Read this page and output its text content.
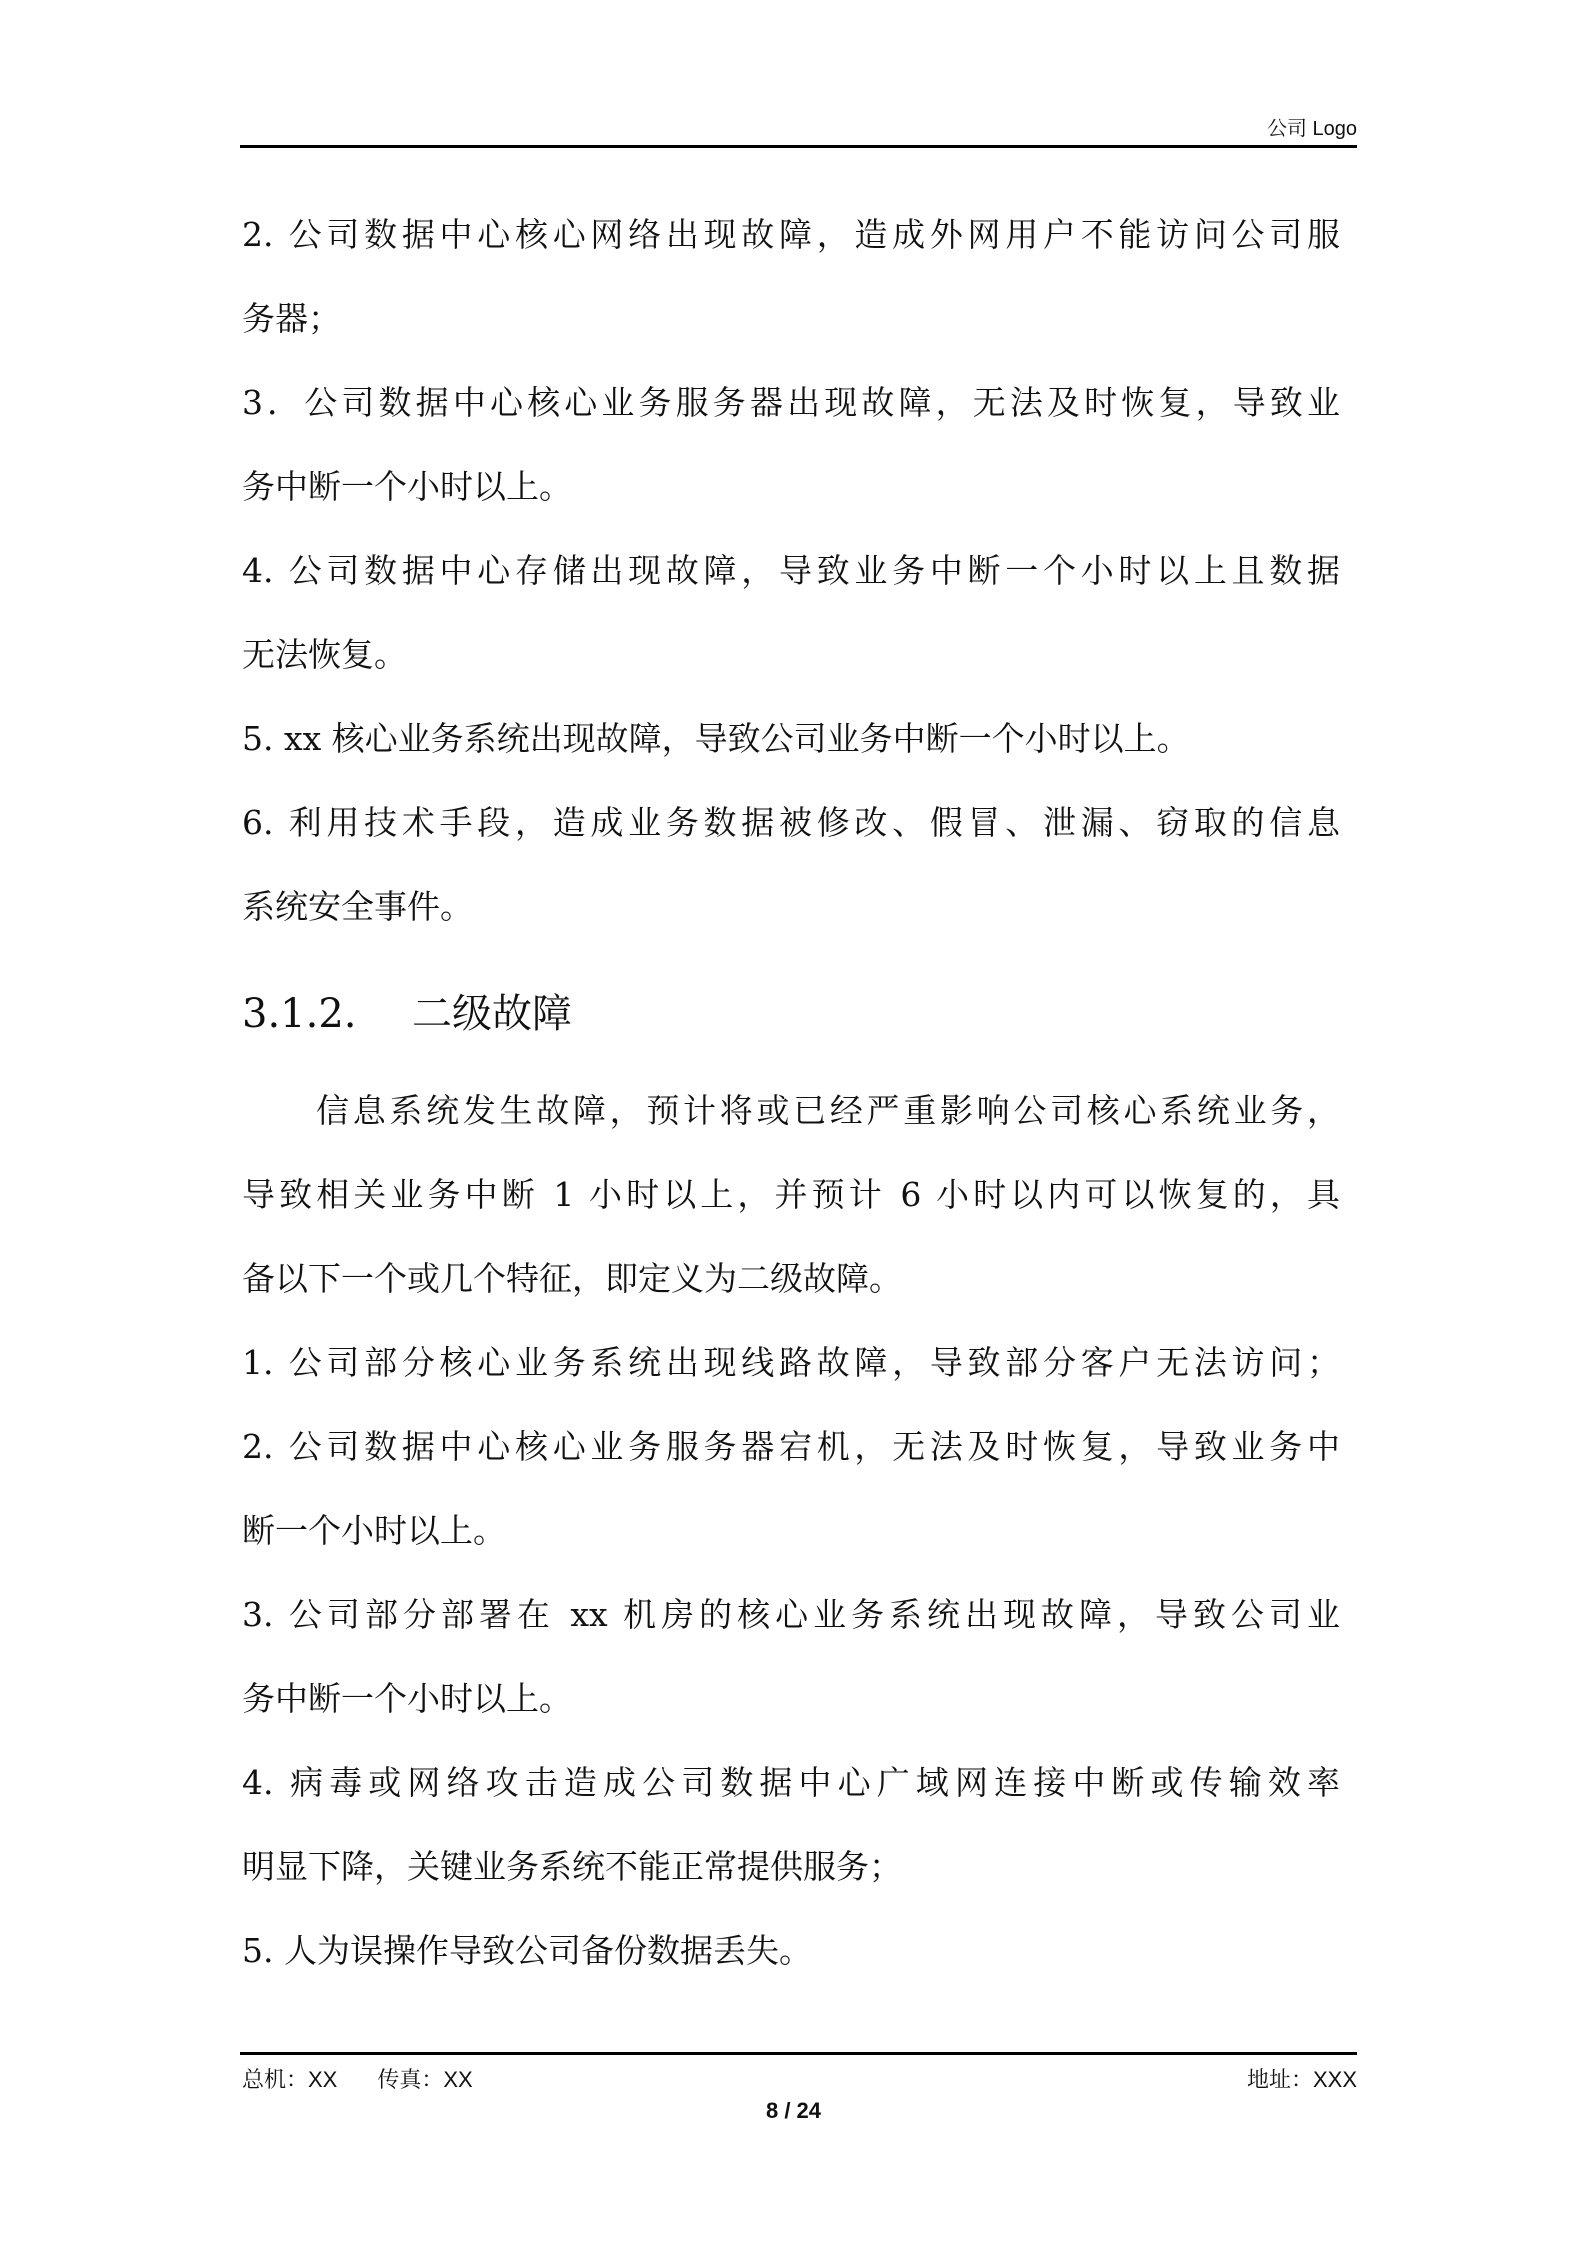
公司 Logo
2. 公司数据中心核心网络出现故障，造成外网用户不能访问公司服
务器；
3．公司数据中心核心业务服务器出现故障，无法及时恢复，导致业
务中断一个小时以上。
4. 公司数据中心存储出现故障，导致业务中断一个小时以上且数据
无法恢复。
5. xx 核心业务系统出现故障，导致公司业务中断一个小时以上。
6. 利用技术手段，造成业务数据被修改、假冒、泄漏、窃取的信息
系统安全事件。
3.1.2. 二级故障
信息系统发生故障，预计将或已经严重影响公司核心系统业务，
导致相关业务中断 1 小时以上，并预计 6 小时以内可以恢复的，具
备以下一个或几个特征，即定义为二级故障。
1. 公司部分核心业务系统出现线路故障，导致部分客户无法访问；
2. 公司数据中心核心业务服务器宕机，无法及时恢复，导致业务中
断一个小时以上。
3. 公司部分部署在 xx 机房的核心业务系统出现故障，导致公司业
务中断一个小时以上。
4. 病毒或网络攻击造成公司数据中心广域网连接中断或传输效率
明显下降，关键业务系统不能正常提供服务；
5. 人为误操作导致公司备份数据丢失。
总机：XX 传真：XX	地址：XXX
8 / 24
